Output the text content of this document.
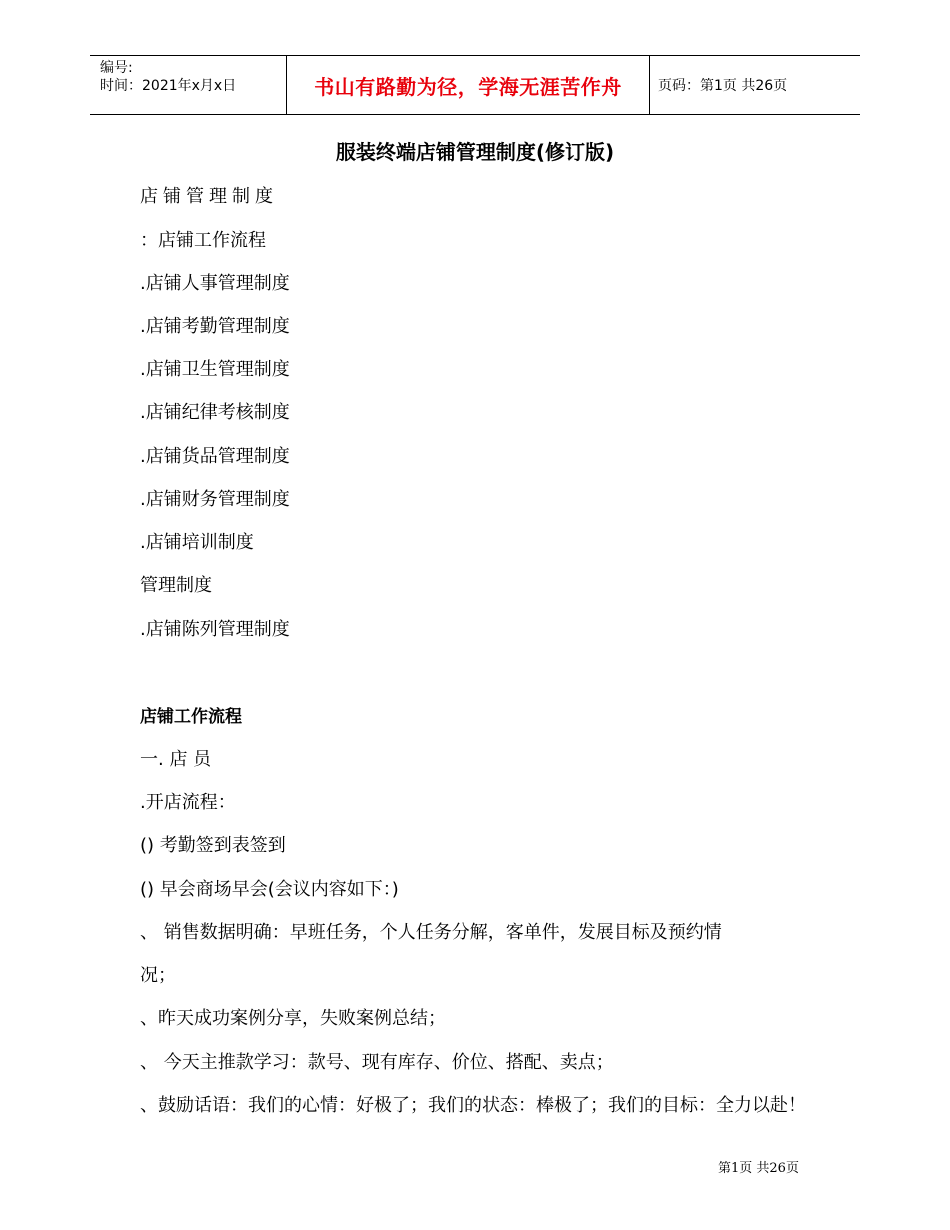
编号:
时间：2021年x月x日	书山有路勤为径，学海无涯苦作舟	页码：第1页 共26页
服装终端店铺管理制度(修订版)
店铺管理制度
：店铺工作流程
.店铺人事管理制度
.店铺考勤管理制度
.店铺卫生管理制度
.店铺纪律考核制度
.店铺货品管理制度
.店铺财务管理制度
.店铺培训制度
管理制度
.店铺陈列管理制度
店铺工作流程
一. 店 员
.开店流程：
() 考勤签到表签到
() 早会商场早会(会议内容如下：)
、 销售数据明确：早班任务，个人任务分解，客单件，发展目标及预约情
况；
、昨天成功案例分享，失败案例总结；
、 今天主推款学习：款号、现有库存、价位、搭配、卖点；
、鼓励话语：我们的心情：好极了；我们的状态：棒极了；我们的目标：全力以赴！
第1页 共26页
